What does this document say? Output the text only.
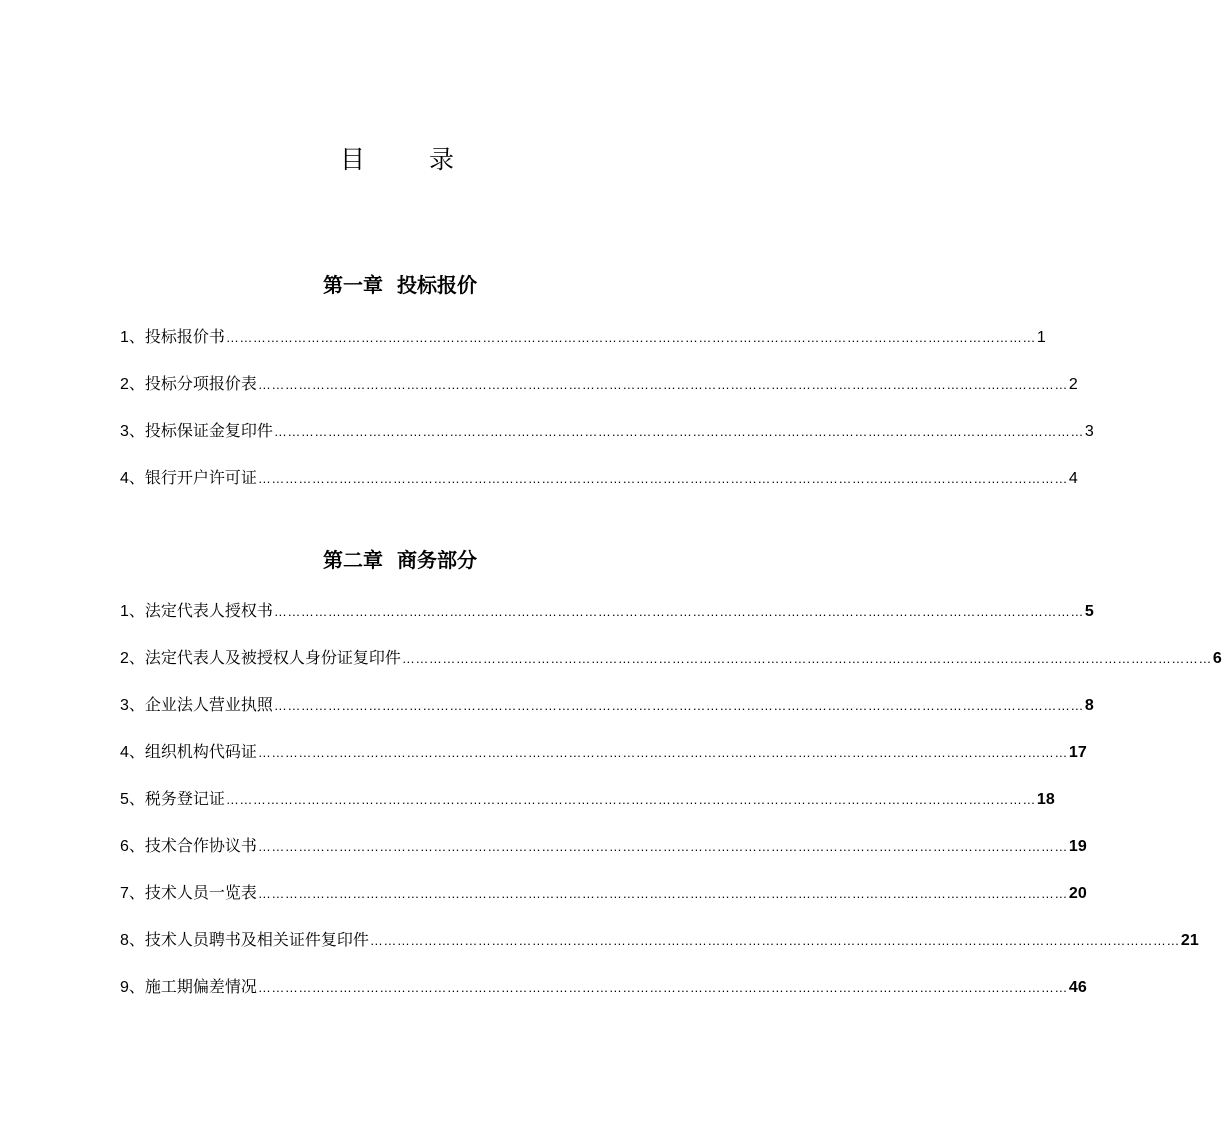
目 录
第一章 投标报价
1、 投标报价书 ……………………………………………………………………………………………………………………………………………………………… 1
2、 投标分项报价表 ……………………………………………………………………………………………………………………………………………………………… 2
3、 投标保证金复印件 ……………………………………………………………………………………………………………………………………………………………… 3
4、 银行开户许可证 ……………………………………………………………………………………………………………………………………………………………… 4
第二章 商务部分
1、 法定代表人授权书 ……………………………………………………………………………………………………………………………………………………………… 5
2、 法定代表人及被授权人身份证复印件 ……………………………………………………………………………………………………………………………………………………………… 6
3、 企业法人营业执照 ……………………………………………………………………………………………………………………………………………………………… 8
4、 组织机构代码证 ……………………………………………………………………………………………………………………………………………………………… 17
5、 税务登记证 ……………………………………………………………………………………………………………………………………………………………… 18
6、 技术合作协议书 ……………………………………………………………………………………………………………………………………………………………… 19
7、 技术人员一览表 ……………………………………………………………………………………………………………………………………………………………… 20
8、 技术人员聘书及相关证件复印件 ……………………………………………………………………………………………………………………………………………………………… 21
9、 施工期偏差情况 ……………………………………………………………………………………………………………………………………………………………… 46
